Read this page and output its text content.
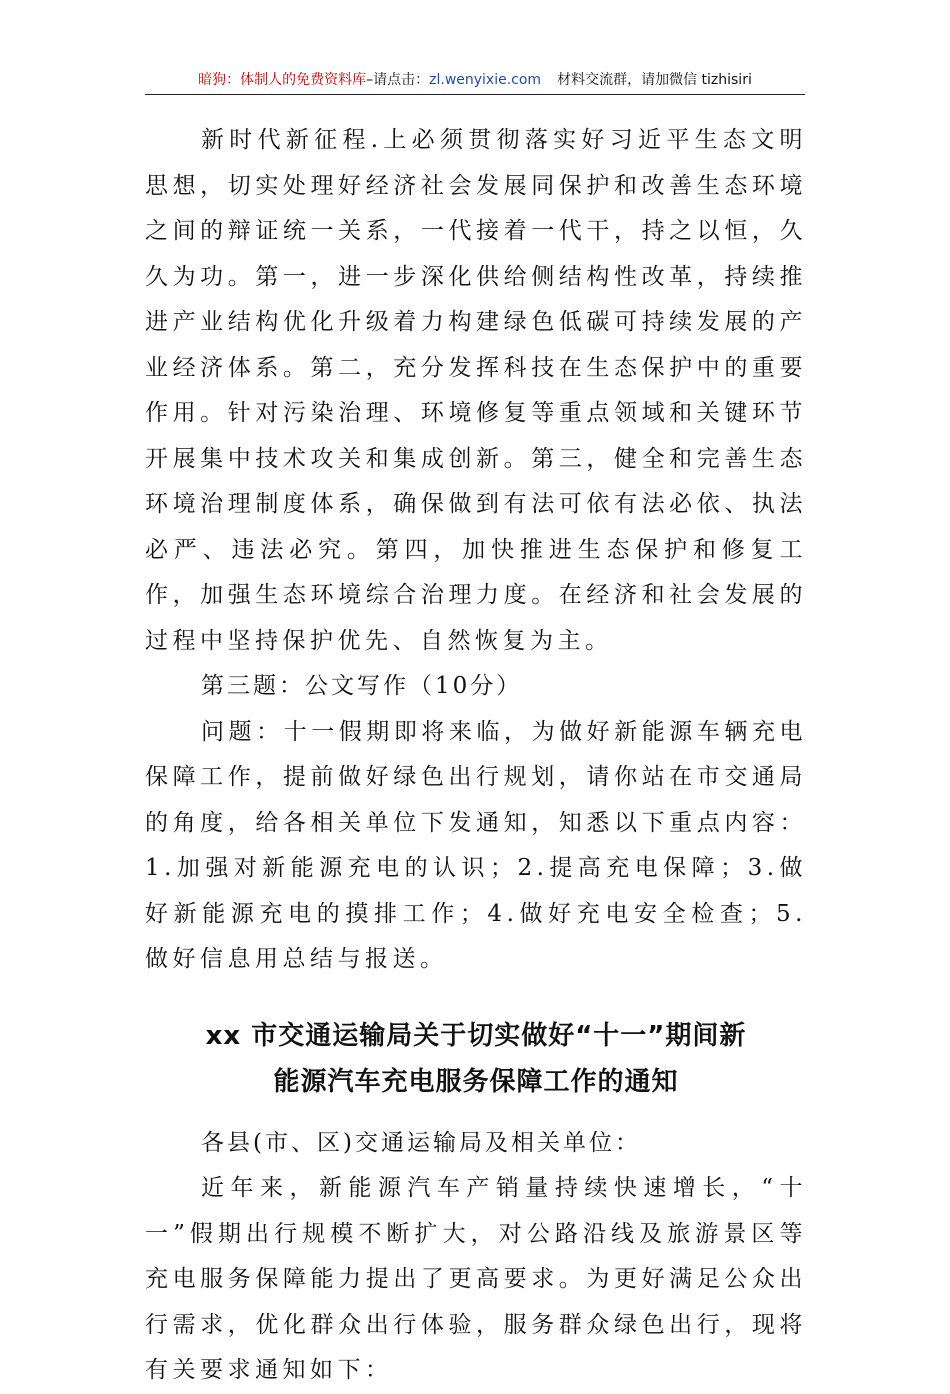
暗狗：体制人的免费资料库–请点击：zl.wenyixie.com 材料交流群，请加微信 tizhisiri

新时代新征程.上必须贯彻落实好习近平生态文明思想，切实处理好经济社会发展同保护和改善生态环境之间的辩证统一关系，一代接着一代干，持之以恒，久久为功。第一，进一步深化供给侧结构性改革，持续推进产业结构优化升级着力构建绿色低碳可持续发展的产业经济体系。第二，充分发挥科技在生态保护中的重要作用。针对污染治理、环境修复等重点领域和关键环节开展集中技术攻关和集成创新。第三，健全和完善生态环境治理制度体系，确保做到有法可依有法必依、执法必严、违法必究。第四，加快推进生态保护和修复工作，加强生态环境综合治理力度。在经济和社会发展的过程中坚持保护优先、自然恢复为主。

第三题：公文写作（10分）

问题：十一假期即将来临，为做好新能源车辆充电保障工作，提前做好绿色出行规划，请你站在市交通局的角度，给各相关单位下发通知，知悉以下重点内容：1.加强对新能源充电的认识；2.提高充电保障；3.做好新能源充电的摸排工作；4.做好充电安全检查；5.做好信息用总结与报送。

xx 市交通运输局关于切实做好“十一”期间新
能源汽车充电服务保障工作的通知

各县(市、区)交通运输局及相关单位：

近年来，新能源汽车产销量持续快速增长，“十一”假期出行规模不断扩大，对公路沿线及旅游景区等充电服务保障能力提出了更高要求。为更好满足公众出行需求，优化群众出行体验，服务群众绿色出行，现将有关要求通知如下：
